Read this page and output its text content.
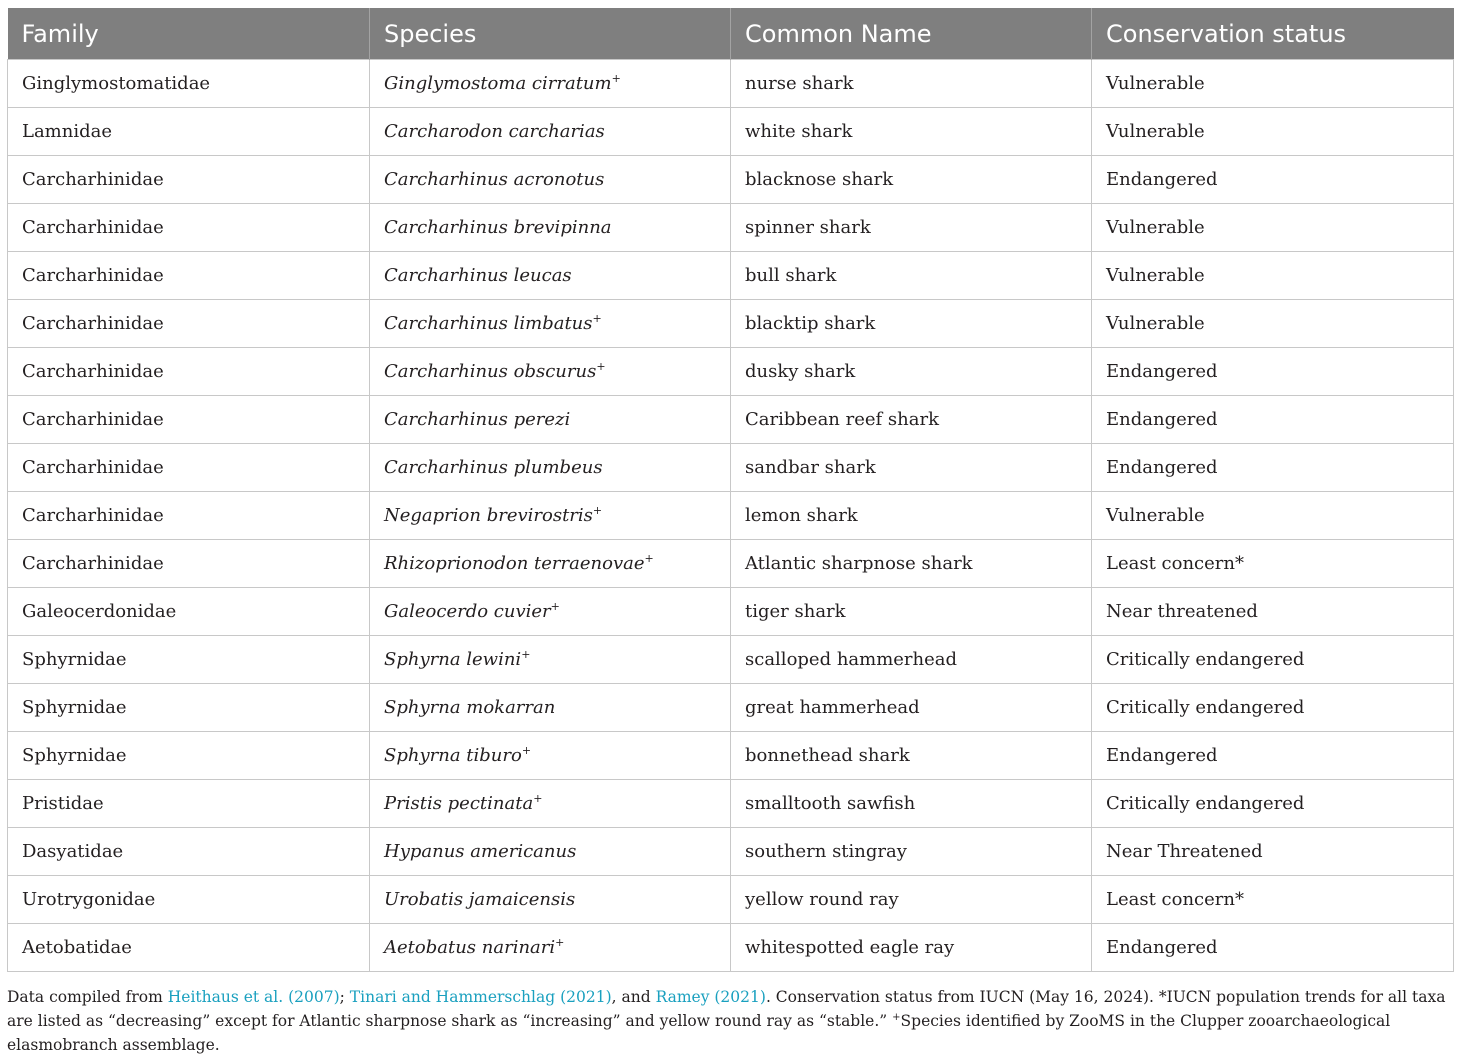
Family	Species	Common Name	Conservation status
Ginglymostomatidae	Ginglymostoma cirratum+	nurse shark	Vulnerable
Lamnidae	Carcharodon carcharias	white shark	Vulnerable
Carcharhinidae	Carcharhinus acronotus	blacknose shark	Endangered
Carcharhinidae	Carcharhinus brevipinna	spinner shark	Vulnerable
Carcharhinidae	Carcharhinus leucas	bull shark	Vulnerable
Carcharhinidae	Carcharhinus limbatus+	blacktip shark	Vulnerable
Carcharhinidae	Carcharhinus obscurus+	dusky shark	Endangered
Carcharhinidae	Carcharhinus perezi	Caribbean reef shark	Endangered
Carcharhinidae	Carcharhinus plumbeus	sandbar shark	Endangered
Carcharhinidae	Negaprion brevirostris+	lemon shark	Vulnerable
Carcharhinidae	Rhizoprionodon terraenovae+	Atlantic sharpnose shark	Least concern*
Galeocerdonidae	Galeocerdo cuvier+	tiger shark	Near threatened
Sphyrnidae	Sphyrna lewini+	scalloped hammerhead	Critically endangered
Sphyrnidae	Sphyrna mokarran	great hammerhead	Critically endangered
Sphyrnidae	Sphyrna tiburo+	bonnethead shark	Endangered
Pristidae	Pristis pectinata+	smalltooth sawfish	Critically endangered
Dasyatidae	Hypanus americanus	southern stingray	Near Threatened
Urotrygonidae	Urobatis jamaicensis	yellow round ray	Least concern*
Aetobatidae	Aetobatus narinari+	whitespotted eagle ray	Endangered
Data compiled from Heithaus et al. (2007); Tinari and Hammerschlag (2021), and Ramey (2021). Conservation status from IUCN (May 16, 2024). *IUCN population trends for all taxa are listed as “decreasing” except for Atlantic sharpnose shark as “increasing” and yellow round ray as “stable.” +Species identified by ZooMS in the Clupper zooarchaeological elasmobranch assemblage.
